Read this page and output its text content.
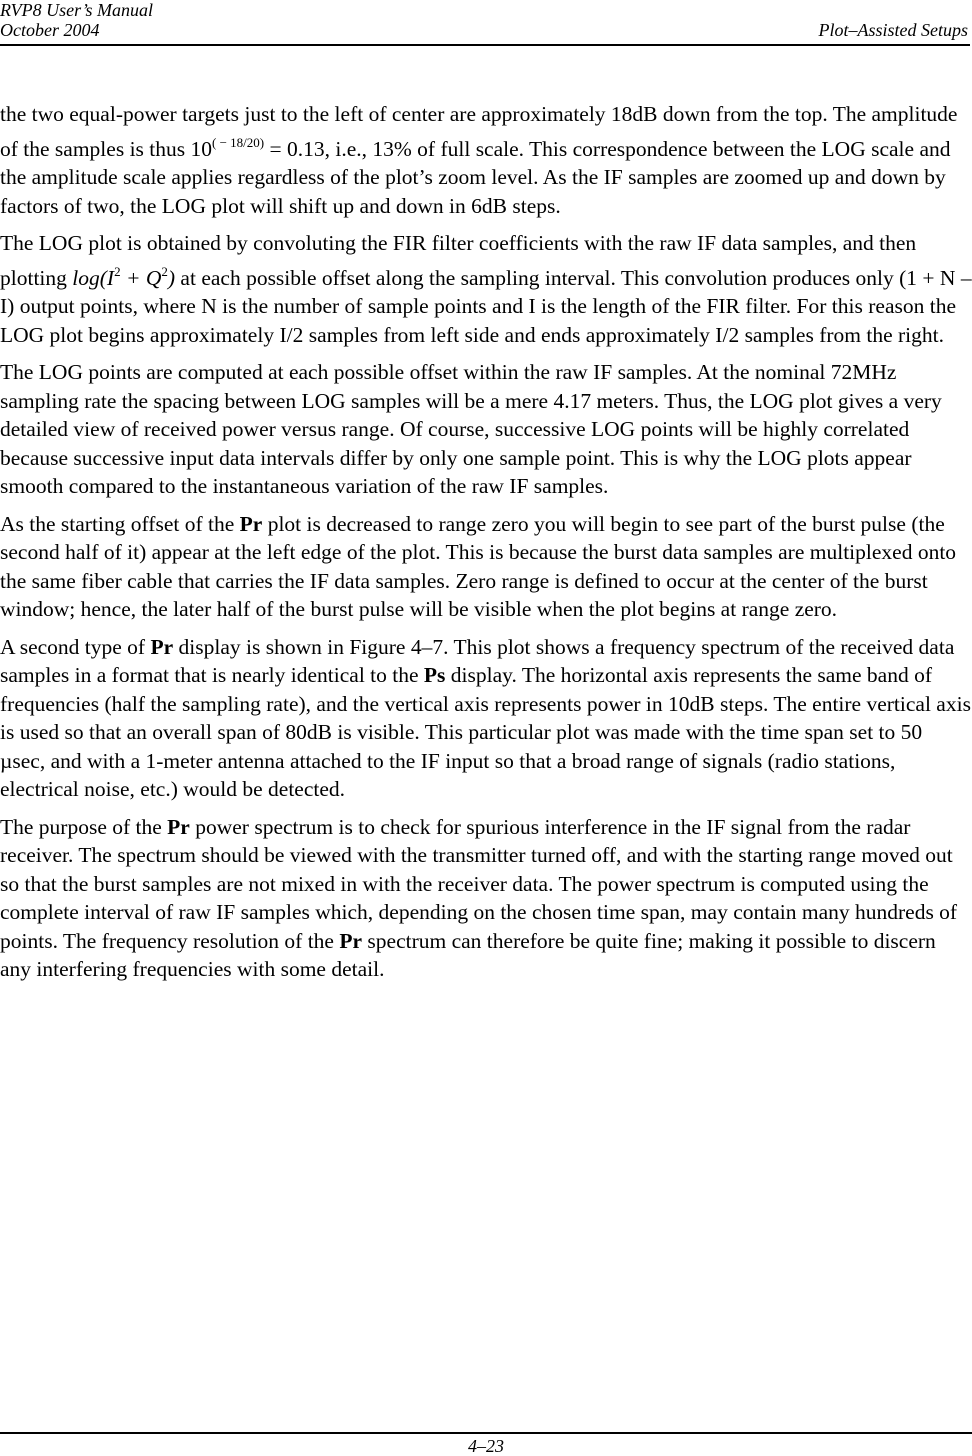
RVP8 User’s Manual
October 2004	Plot–Assisted Setups

the two equal-power targets just to the left of center are approximately 18dB down from the top. The amplitude of the samples is thus $10^{( - 18/20)} = 0.13$, i.e., 13% of full scale. This correspondence between the LOG scale and the amplitude scale applies regardless of the plot’s zoom level. As the IF samples are zoomed up and down by factors of two, the LOG plot will shift up and down in 6dB steps.

The LOG plot is obtained by convoluting the FIR filter coefficients with the raw IF data samples, and then plotting $\log(I^2 + Q^2)$ at each possible offset along the sampling interval. This convolution produces only (1 + N – I) output points, where N is the number of sample points and I is the length of the FIR filter. For this reason the LOG plot begins approximately I/2 samples from left side and ends approximately I/2 samples from the right.

The LOG points are computed at each possible offset within the raw IF samples. At the nominal 72MHz sampling rate the spacing between LOG samples will be a mere 4.17 meters. Thus, the LOG plot gives a very detailed view of received power versus range. Of course, successive LOG points will be highly correlated because successive input data intervals differ by only one sample point. This is why the LOG plots appear smooth compared to the instantaneous variation of the raw IF samples.

As the starting offset of the Pr plot is decreased to range zero you will begin to see part of the burst pulse (the second half of it) appear at the left edge of the plot. This is because the burst data samples are multiplexed onto the same fiber cable that carries the IF data samples. Zero range is defined to occur at the center of the burst window; hence, the later half of the burst pulse will be visible when the plot begins at range zero.

A second type of Pr display is shown in Figure 4–7. This plot shows a frequency spectrum of the received data samples in a format that is nearly identical to the Ps display. The horizontal axis represents the same band of frequencies (half the sampling rate), and the vertical axis represents power in 10dB steps. The entire vertical axis is used so that an overall span of 80dB is visible. This particular plot was made with the time span set to 50 µsec, and with a 1-meter antenna attached to the IF input so that a broad range of signals (radio stations, electrical noise, etc.) would be detected.

The purpose of the Pr power spectrum is to check for spurious interference in the IF signal from the radar receiver. The spectrum should be viewed with the transmitter turned off, and with the starting range moved out so that the burst samples are not mixed in with the receiver data. The power spectrum is computed using the complete interval of raw IF samples which, depending on the chosen time span, may contain many hundreds of points. The frequency resolution of the Pr spectrum can therefore be quite fine; making it possible to discern any interfering frequencies with some detail.

4–23
